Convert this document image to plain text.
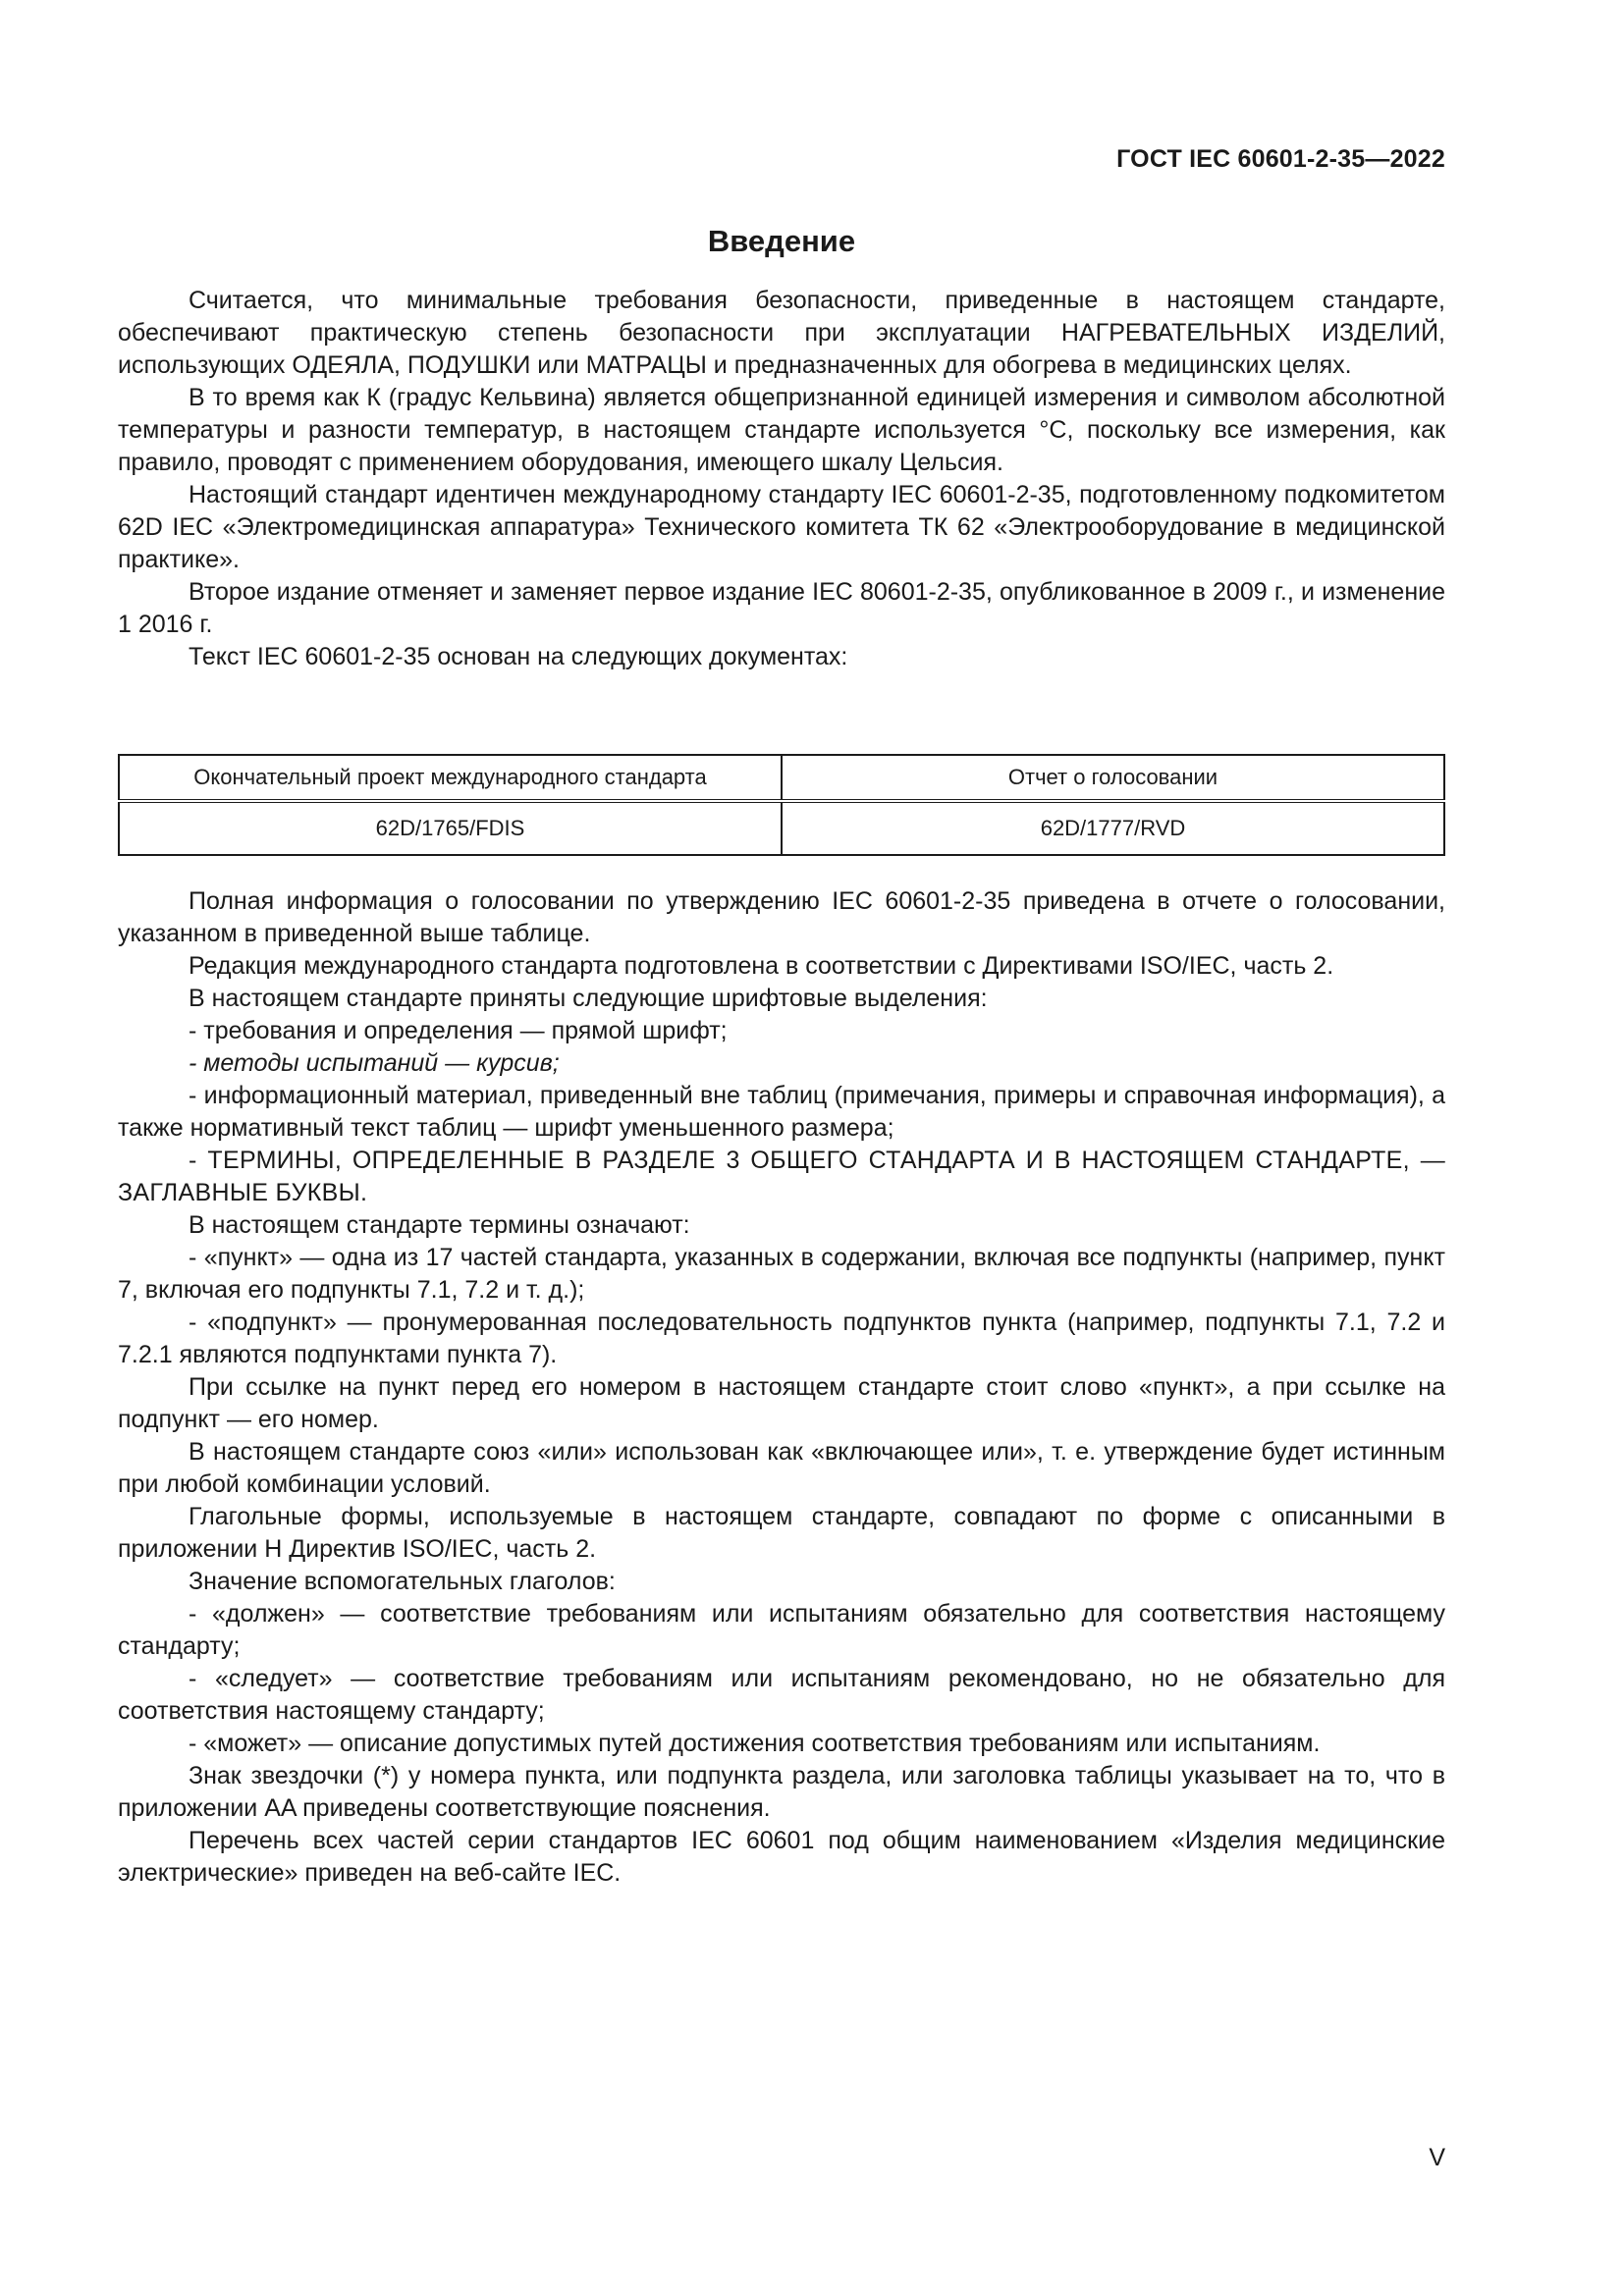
ГОСТ IEC 60601-2-35—2022
Введение

Считается, что минимальные требования безопасности, приведенные в настоящем стандарте, обеспечивают практическую степень безопасности при эксплуатации НАГРЕВАТЕЛЬНЫХ ИЗДЕЛИЙ, использующих ОДЕЯЛА, ПОДУШКИ или МАТРАЦЫ и предназначенных для обогрева в медицинских целях.

В то время как К (градус Кельвина) является общепризнанной единицей измерения и символом абсолютной температуры и разности температур, в настоящем стандарте используется °C, поскольку все измерения, как правило, проводят с применением оборудования, имеющего шкалу Цельсия.

Настоящий стандарт идентичен международному стандарту IEC 60601-2-35, подготовленному подкомитетом 62D IEC «Электромедицинская аппаратура» Технического комитета ТК 62 «Электрооборудование в медицинской практике».

Второе издание отменяет и заменяет первое издание IEC 80601-2-35, опубликованное в 2009 г., и изменение 1 2016 г.

Текст IEC 60601-2-35 основан на следующих документах:

Окончательный проект международного стандарта	Отчет о голосовании
62D/1765/FDIS	62D/1777/RVD

Полная информация о голосовании по утверждению IEC 60601-2-35 приведена в отчете о голосовании, указанном в приведенной выше таблице.

Редакция международного стандарта подготовлена в соответствии с Директивами ISO/IEC, часть 2.

В настоящем стандарте приняты следующие шрифтовые выделения:

- требования и определения — прямой шрифт;

- методы испытаний — курсив;

- информационный материал, приведенный вне таблиц (примечания, примеры и справочная информация), а также нормативный текст таблиц — шрифт уменьшенного размера;

- ТЕРМИНЫ, ОПРЕДЕЛЕННЫЕ В РАЗДЕЛЕ 3 ОБЩЕГО СТАНДАРТА И В НАСТОЯЩЕМ СТАНДАРТЕ, — ЗАГЛАВНЫЕ БУКВЫ.

В настоящем стандарте термины означают:

- «пункт» — одна из 17 частей стандарта, указанных в содержании, включая все подпункты (например, пункт 7, включая его подпункты 7.1, 7.2 и т. д.);

- «подпункт» — пронумерованная последовательность подпунктов пункта (например, подпункты 7.1, 7.2 и 7.2.1 являются подпунктами пункта 7).

При ссылке на пункт перед его номером в настоящем стандарте стоит слово «пункт», а при ссылке на подпункт — его номер.

В настоящем стандарте союз «или» использован как «включающее или», т. е. утверждение будет истинным при любой комбинации условий.

Глагольные формы, используемые в настоящем стандарте, совпадают по форме с описанными в приложении H Директив ISO/IEC, часть 2.

Значение вспомогательных глаголов:

- «должен» — соответствие требованиям или испытаниям обязательно для соответствия настоящему стандарту;

- «следует» — соответствие требованиям или испытаниям рекомендовано, но не обязательно для соответствия настоящему стандарту;

- «может» — описание допустимых путей достижения соответствия требованиям или испытаниям.

Знак звездочки (*) у номера пункта, или подпункта раздела, или заголовка таблицы указывает на то, что в приложении AA приведены соответствующие пояснения.

Перечень всех частей серии стандартов IEC 60601 под общим наименованием «Изделия медицинские электрические» приведен на веб-сайте IEC.

V
